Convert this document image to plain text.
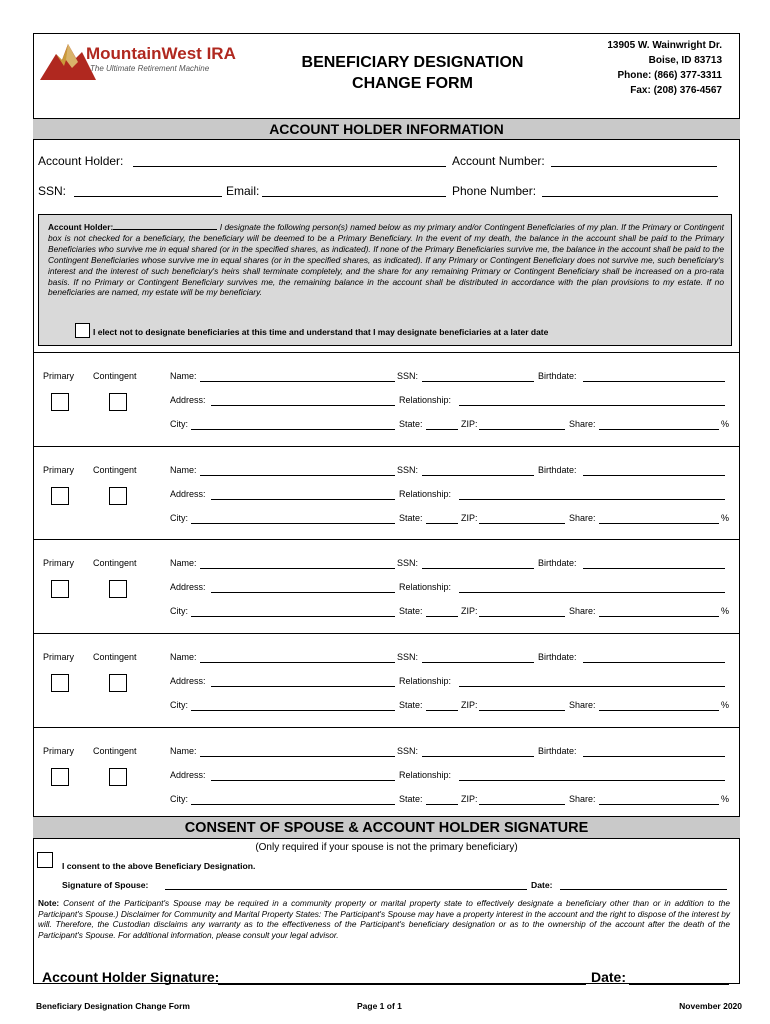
MountainWest IRA
The Ultimate Retirement Machine	BENEFICIARY DESIGNATION
CHANGE FORM
13905 W. Wainwright Dr.
Boise, ID 83713
Phone: (866) 377-3311
Fax: (208) 376-4567
ACCOUNT HOLDER INFORMATION
Account Holder:	Account Number:
SSN:	Email:	Phone Number:
Account Holder:	I designate the following person(s) named below as my primary and/or Contingent Beneficiaries of my plan. If the Primary or Contingent box is not checked for a beneficiary, the beneficiary will be deemed to be a Primary Beneficiary. In the event of my death, the balance in the account shall be paid to the Primary Beneficiaries who survive me in equal shared (or in the specified shares, as indicated). If none of the Primary Beneficiaries survive me, the balance in the account shall be paid to the Contingent Beneficiaries whose survive me in equal shares (or in the specified shares, as indicated). If any Primary or Contingent Beneficiary does not survive me, such beneficiary's interest and the interest of such beneficiary's heirs shall terminate completely, and the share for any remaining Primary or Contingent Beneficiary shall be increased on a pro-rata basis. If no Primary or Contingent Beneficiary survives me, the remaining balance in the account shall be distributed in accordance with the plan provisions to my estate. If no beneficiaries are named, my estate will be my beneficiary.
I elect not to designate beneficiaries at this time and understand that I may designate beneficiaries at a later date
Primary Contingent	Name:	SSN:	Birthdate:
Address:	Relationship:
City:	State:	ZIP:	Share:	%
Primary Contingent	Name:	SSN:	Birthdate:
Address:	Relationship:
City:	State:	ZIP:	Share:	%
Primary Contingent	Name:	SSN:	Birthdate:
Address:	Relationship:
City:	State:	ZIP:	Share:	%
Primary Contingent	Name:	SSN:	Birthdate:
Address:	Relationship:
City:	State:	ZIP:	Share:	%
Primary Contingent	Name:	SSN:	Birthdate:
Address:	Relationship:
City:	State:	ZIP:	Share:	%
CONSENT OF SPOUSE & ACCOUNT HOLDER SIGNATURE
(Only required if your spouse is not the primary beneficiary)
I consent to the above Beneficiary Designation.
Signature of Spouse:	Date:
Note: Consent of the Participant's Spouse may be required in a community property or marital property state to effectively designate a beneficiary other than or in addition to the Participant's Spouse.) Disclaimer for Community and Marital Property States: The Participant's Spouse may have a property interest in the account and the right to dispose of the interest by will. Therefore, the Custodian disclaims any warranty as to the effectiveness of the Participant's beneficiary designation or as to the ownership of the account after the death of the Participant's Spouse. For additional information, please consult your legal advisor.
Account Holder Signature:	Date:
Beneficiary Designation Change Form	Page 1 of 1	November 2020
